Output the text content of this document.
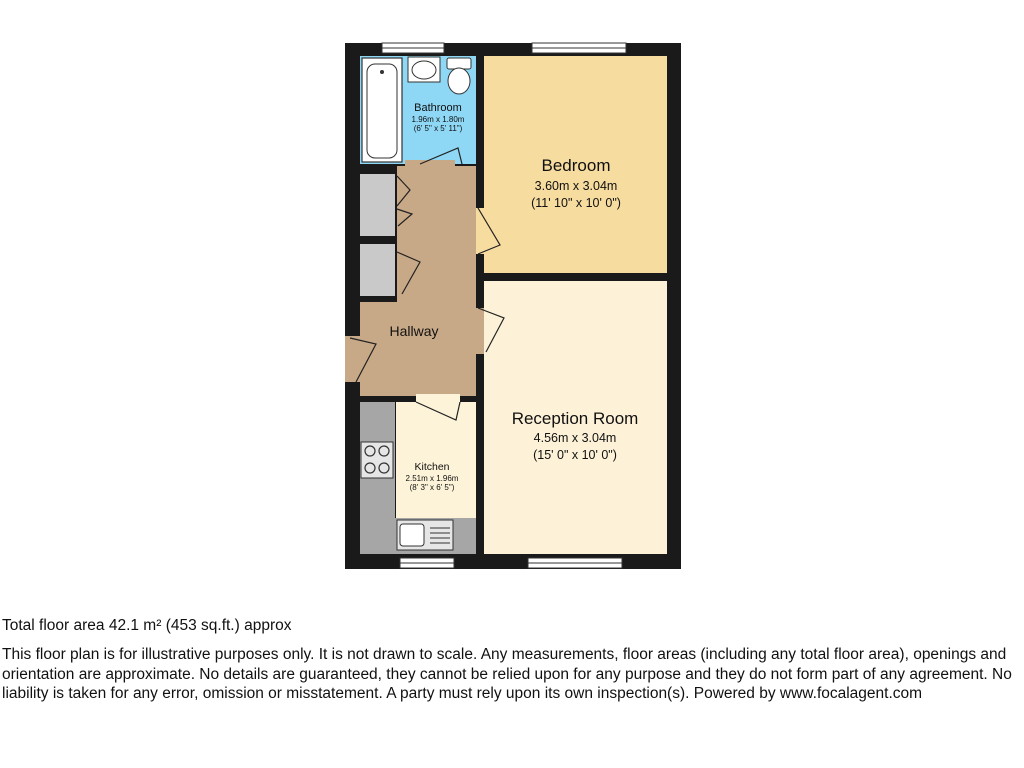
Bathroom
1.96m x 1.80m
(6' 5" x 5' 11")
Bedroom
3.60m x 3.04m
(11' 10" x 10' 0")
Hallway
Reception Room
4.56m x 3.04m
(15' 0" x 10' 0")
Kitchen
2.51m x 1.96m
(8' 3" x 6' 5")

Total floor area 42.1 m² (453 sq.ft.) approx

This floor plan is for illustrative purposes only. It is not drawn to scale. Any measurements, floor areas (including any total floor area), openings and orientation are approximate. No details are guaranteed, they cannot be relied upon for any purpose and they do not form part of any agreement. No liability is taken for any error, omission or misstatement. A party must rely upon its own inspection(s). Powered by www.focalagent.com
